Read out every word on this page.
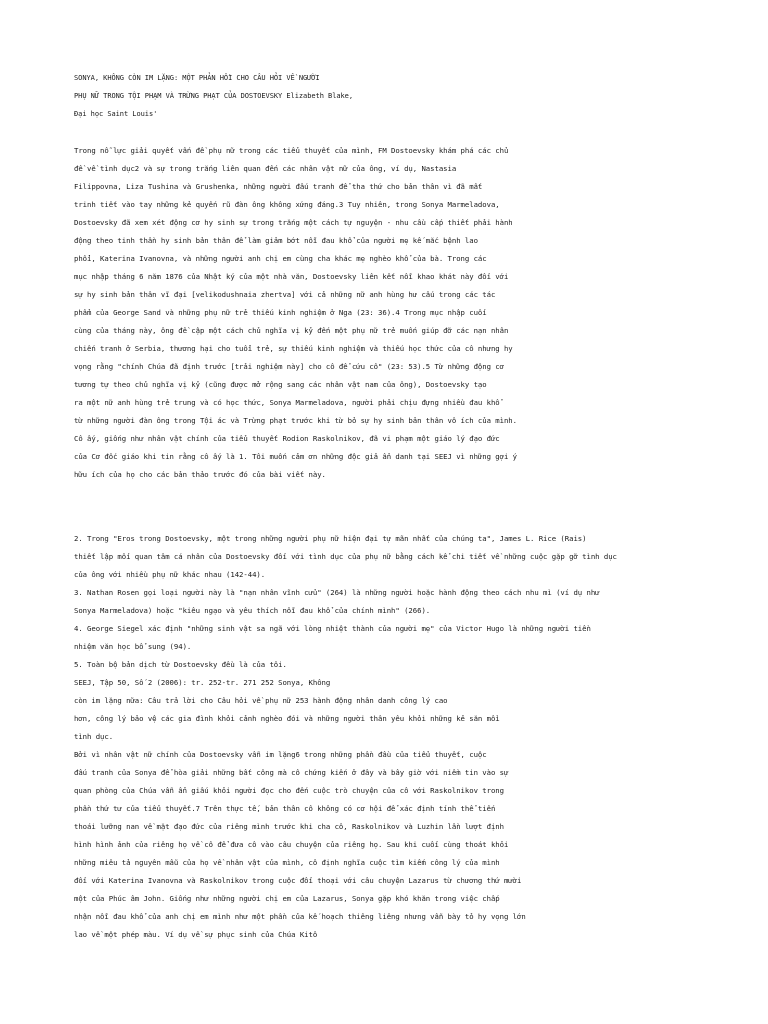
SONYA, KHÔNG CÒN IM LẶNG: MỘT PHẢN HỒI CHO CÂU HỎI VỀ NGƯỜI
PHỤ NỮ TRONG TỘI PHẠM VÀ TRỪNG PHẠT CỦA DOSTOEVSKY Elizabeth Blake,
Đại học Saint Louis'
Trong nỗ lực giải quyết vấn đề phụ nữ trong các tiểu thuyết của mình, FM Dostoevsky khám phá các chủ
đề về tình dục2 và sự trong trắng liên quan đến các nhân vật nữ của ông, ví dụ, Nastasia
Filippovna, Liza Tushina và Grushenka, những người đấu tranh để tha thứ cho bản thân vì đã mất
trinh tiết vào tay những kẻ quyến rũ đàn ông không xứng đáng.3 Tuy nhiên, trong Sonya Marmeladova,
Dostoevsky đã xem xét động cơ hy sinh sự trong trắng một cách tự nguyện - nhu cầu cấp thiết phải hành
động theo tinh thần hy sinh bản thân để làm giảm bớt nỗi đau khổ của người mẹ kế mắc bệnh lao
phổi, Katerina Ivanovna, và những người anh chị em cùng cha khác mẹ nghèo khổ của bà. Trong các
mục nhập tháng 6 năm 1876 của Nhật ký của một nhà văn, Dostoevsky liên kết nỗi khao khát này đối với
sự hy sinh bản thân vĩ đại [velikodushnaia zhertva] với cả những nữ anh hùng hư cấu trong các tác
phẩm của George Sand và những phụ nữ trẻ thiếu kinh nghiệm ở Nga (23: 36).4 Trong mục nhập cuối
cùng của tháng này, ông đề cập một cách chủ nghĩa vị kỷ đến một phụ nữ trẻ muốn giúp đỡ các nạn nhân
chiến tranh ở Serbia, thương hại cho tuổi trẻ, sự thiếu kinh nghiệm và thiếu học thức của cô nhưng hy
vọng rằng "chính Chúa đã định trước [trải nghiệm này] cho cô để cứu cô" (23: 53).5 Từ những động cơ
tương tự theo chủ nghĩa vị kỷ (cũng được mở rộng sang các nhân vật nam của ông), Dostoevsky tạo
ra một nữ anh hùng trẻ trung và có học thức, Sonya Marmeladova, người phải chịu đựng nhiều đau khổ
từ những người đàn ông trong Tội ác và Trừng phạt trước khi từ bỏ sự hy sinh bản thân vô ích của mình.
Cô ấy, giống như nhân vật chính của tiểu thuyết Rodion Raskolnikov, đã vi phạm một giáo lý đạo đức
của Cơ đốc giáo khi tin rằng cô ấy là 1. Tôi muốn cảm ơn những độc giả ẩn danh tại SEEJ vì những gợi ý
hữu ích của họ cho các bản thảo trước đó của bài viết này.
2. Trong "Eros trong Dostoevsky, một trong những người phụ nữ hiện đại tự mãn nhất của chúng ta", James L. Rice (Rais)
thiết lập mối quan tâm cá nhân của Dostoevsky đối với tình dục của phụ nữ bằng cách kể chi tiết về những cuộc gặp gỡ tình dục
của ông với nhiều phụ nữ khác nhau (142-44).
3. Nathan Rosen gọi loại người này là "nạn nhân vĩnh cửu" (264) là những người hoặc hành động theo cách nhu mì (ví dụ như
Sonya Marmeladova) hoặc "kiêu ngạo và yêu thích nỗi đau khổ của chính mình" (266).
4. George Siegel xác định "những sinh vật sa ngã với lòng nhiệt thành của người mẹ" của Victor Hugo là những người tiền
nhiệm văn học bổ sung (94).
5. Toàn bộ bản dịch từ Dostoevsky đều là của tôi.
SEEJ, Tập 50, Số 2 (2006): tr. 252-tr. 271 252 Sonya, Không
còn im lặng nữa: Câu trả lời cho Câu hỏi về phụ nữ 253 hành động nhân danh công lý cao
hơn, công lý bảo vệ các gia đình khỏi cảnh nghèo đói và những người thân yêu khỏi những kẻ săn mồi
tình dục.
Bởi vì nhân vật nữ chính của Dostoevsky vẫn im lặng6 trong những phần đầu của tiểu thuyết, cuộc
đấu tranh của Sonya để hòa giải những bất công mà cô chứng kiến ở đây và bây giờ với niềm tin vào sự
quan phòng của Chúa vẫn ẩn giấu khỏi người đọc cho đến cuộc trò chuyện của cô với Raskolnikov trong
phần thứ tư của tiểu thuyết.7 Trên thực tế, bản thân cô không có cơ hội để xác định tính thể tiến
thoái lưỡng nan về mặt đạo đức của riêng mình trước khi cha cô, Raskolnikov và Luzhin lần lượt định
hình hình ảnh của riêng họ về cô để đưa cô vào câu chuyện của riêng họ. Sau khi cuối cùng thoát khỏi
những miêu tả nguyên mẫu của họ về nhân vật của mình, cô định nghĩa cuộc tìm kiếm công lý của mình
đối với Katerina Ivanovna và Raskolnikov trong cuộc đối thoại với câu chuyện Lazarus từ chương thứ mười
một của Phúc âm John. Giống như những người chị em của Lazarus, Sonya gặp khó khăn trong việc chấp
nhận nỗi đau khổ của anh chị em mình như một phần của kế hoạch thiêng liêng nhưng vẫn bày tỏ hy vọng lớn
lao về một phép màu. Ví dụ về sự phục sinh của Chúa Kitô
